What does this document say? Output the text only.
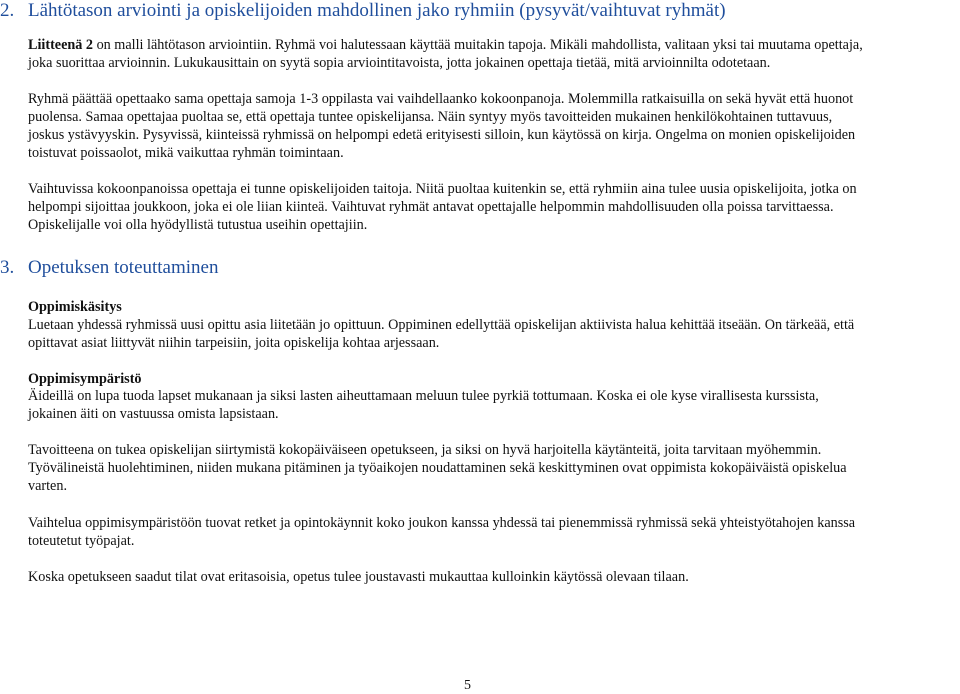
2. Lähtötason arviointi ja opiskelijoiden mahdollinen jako ryhmiin (pysyvät/vaihtuvat ryhmät)
Liitteenä 2 on malli lähtötason arviointiin. Ryhmä voi halutessaan käyttää muitakin tapoja. Mikäli mahdollista, valitaan yksi tai muutama opettaja,
joka suorittaa arvioinnin. Lukukausittain on syytä sopia arviointitavoista, jotta jokainen opettaja tietää, mitä arvioinnilta odotetaan.
Ryhmä päättää opettaako sama opettaja samoja 1-3 oppilasta vai vaihdellaanko kokoonpanoja. Molemmilla ratkaisuilla on sekä hyvät että huonot
puolensa. Samaa opettajaa puoltaa se, että opettaja tuntee opiskelijansa. Näin syntyy myös tavoitteiden mukainen henkilökohtainen tuttavuus,
joskus ystävyyskin. Pysyvissä, kiinteissä ryhmissä on helpompi edetä erityisesti silloin, kun käytössä on kirja. Ongelma on monien opiskelijoiden
toistuvat poissaolot, mikä vaikuttaa ryhmän toimintaan.
Vaihtuvissa kokoonpanoissa opettaja ei tunne opiskelijoiden taitoja. Niitä puoltaa kuitenkin se, että ryhmiin aina tulee uusia opiskelijoita, jotka on
helpompi sijoittaa joukkoon, joka ei ole liian kiinteä. Vaihtuvat ryhmät antavat opettajalle helpommin mahdollisuuden olla poissa tarvittaessa.
Opiskelijalle voi olla hyödyllistä tutustua useihin opettajiin.
3. Opetuksen toteuttaminen
Oppimiskäsitys
Luetaan yhdessä ryhmissä uusi opittu asia liitetään jo opittuun. Oppiminen edellyttää opiskelijan aktiivista halua kehittää itseään. On tärkeää, että
opittavat asiat liittyvät niihin tarpeisiin, joita opiskelija kohtaa arjessaan.
Oppimisympäristö
Äideillä on lupa tuoda lapset mukanaan ja siksi lasten aiheuttamaan meluun tulee pyrkiä tottumaan. Koska ei ole kyse virallisesta kurssista,
jokainen äiti on vastuussa omista lapsistaan.
Tavoitteena on tukea opiskelijan siirtymistä kokopäiväiseen opetukseen, ja siksi on hyvä harjoitella käytänteitä, joita tarvitaan myöhemmin.
Työvälineistä huolehtiminen, niiden mukana pitäminen ja työaikojen noudattaminen sekä keskittyminen ovat oppimista kokopäiväistä opiskelua
varten.
Vaihtelua oppimisympäristöön tuovat retket ja opintokäynnit koko joukon kanssa yhdessä tai pienemmissä ryhmissä sekä yhteistyötahojen kanssa
toteutetut työpajat.
Koska opetukseen saadut tilat ovat eritasoisia, opetus tulee joustavasti mukauttaa kulloinkin käytössä olevaan tilaan.
5
